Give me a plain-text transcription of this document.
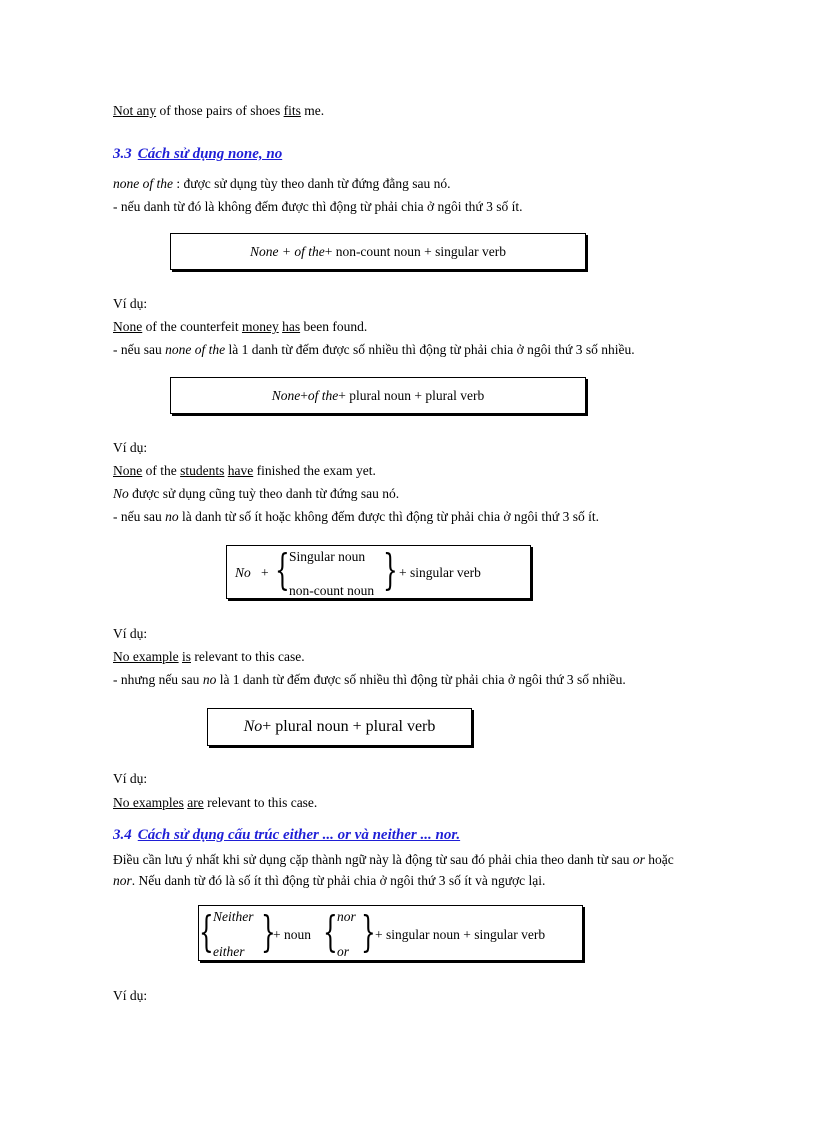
Not any of those pairs of shoes fits me.
3.3 Cách sử dụng none, no
none of the : được sử dụng tùy theo danh từ đứng đằng sau nó.
- nếu danh từ đó là không đếm được thì động từ phải chia ở ngôi thứ 3 số ít.
None + of the + non-count noun + singular verb
Ví dụ:
None of the counterfeit money has been found.
- nếu sau none of the là 1 danh từ đếm được số nhiều thì động từ phải chia ở ngôi thứ 3 số nhiều.
None + of the + plural noun + plural verb
Ví dụ:
None of the students have finished the exam yet.
No được sử dụng cũng tuỳ theo danh từ đứng sau nó.
- nếu sau no là danh từ số ít hoặc không đếm được thì động từ phải chia ở ngôi thứ 3 số ít.
No + { Singular noun
non-count noun } + singular verb
Ví dụ:
No example is relevant to this case.
- nhưng nếu sau no là 1 danh từ đếm được số nhiều thì động từ phải chia ở ngôi thứ 3 số nhiều.
No + plural noun + plural verb
Ví dụ:
No examples are relevant to this case.
3.4 Cách sử dụng cấu trúc either ... or và neither ... nor.
Điều cần lưu ý nhất khi sử dụng cặp thành ngữ này là động từ sau đó phải chia theo danh từ sau or hoặc
nor. Nếu danh từ đó là số ít thì động từ phải chia ở ngôi thứ 3 số ít và ngược lại.
{ Neither
either }
+ noun { nor
or } + singular noun + singular verb
Ví dụ:
